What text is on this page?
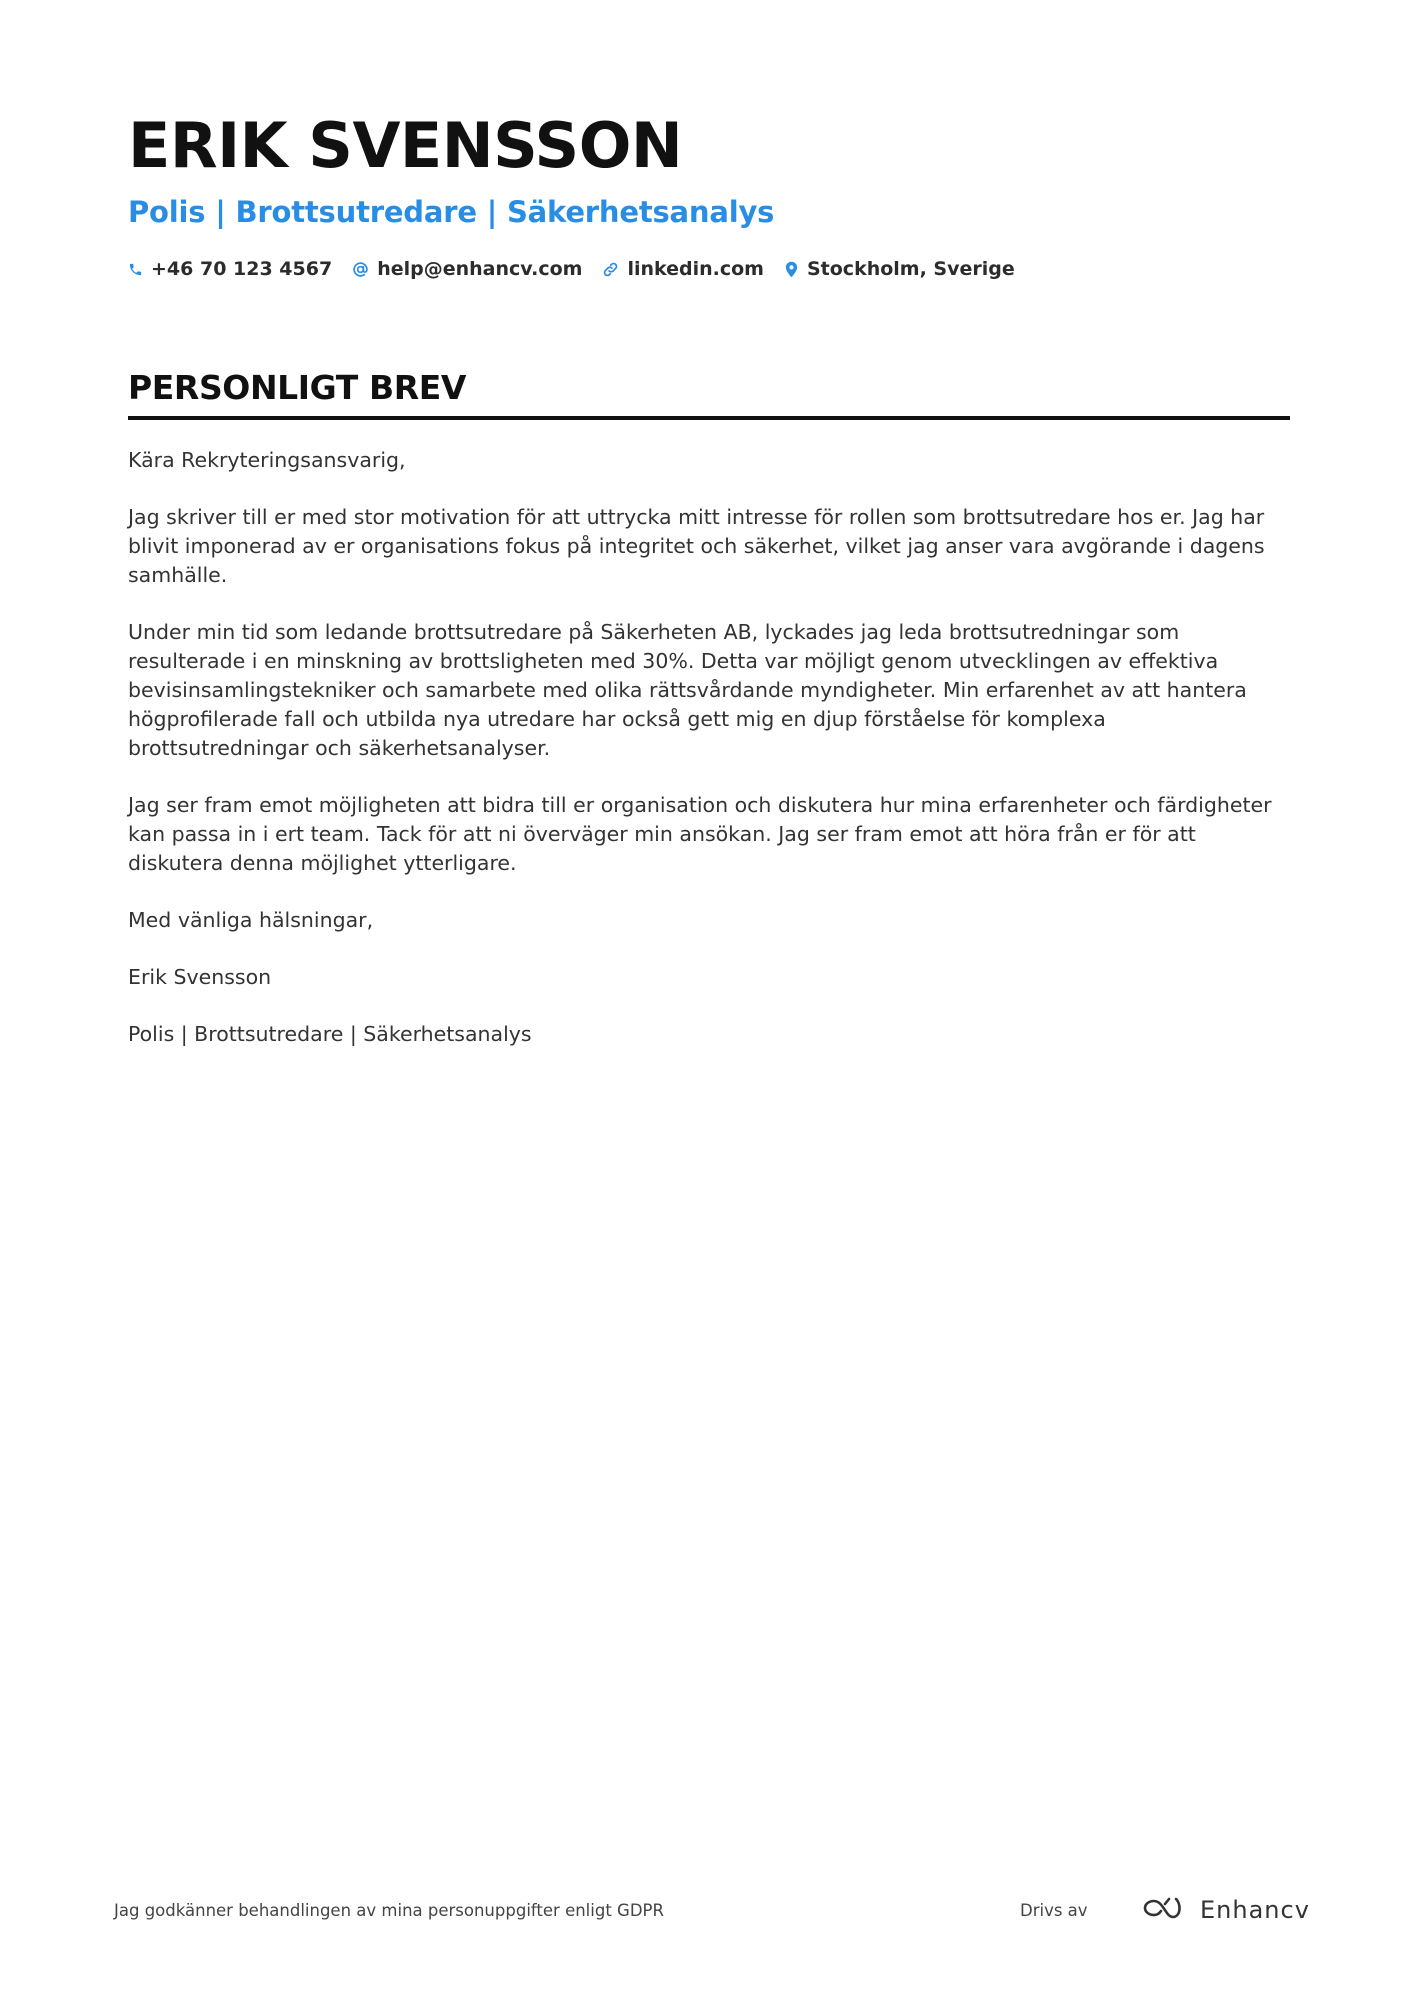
ERIK SVENSSON
Polis | Brottsutredare | Säkerhetsanalys
+46 70 123 4567 help@enhancv.com linkedin.com Stockholm, Sverige
PERSONLIGT BREV

Kära Rekryteringsansvarig,

Jag skriver till er med stor motivation för att uttrycka mitt intresse för rollen som brottsutredare hos er. Jag har blivit imponerad av er organisations fokus på integritet och säkerhet, vilket jag anser vara avgörande i dagens samhälle.

Under min tid som ledande brottsutredare på Säkerheten AB, lyckades jag leda brottsutredningar som resulterade i en minskning av brottsligheten med 30%. Detta var möjligt genom utvecklingen av effektiva bevisinsamlingstekniker och samarbete med olika rättsvårdande myndigheter. Min erfarenhet av att hantera högprofilerade fall och utbilda nya utredare har också gett mig en djup förståelse för komplexa brottsutredningar och säkerhetsanalyser.

Jag ser fram emot möjligheten att bidra till er organisation och diskutera hur mina erfarenheter och färdigheter kan passa in i ert team. Tack för att ni överväger min ansökan. Jag ser fram emot att höra från er för att diskutera denna möjlighet ytterligare.

Med vänliga hälsningar,

Erik Svensson

Polis | Brottsutredare | Säkerhetsanalys

Jag godkänner behandlingen av mina personuppgifter enligt GDPR	Drivs av	Enhancv
